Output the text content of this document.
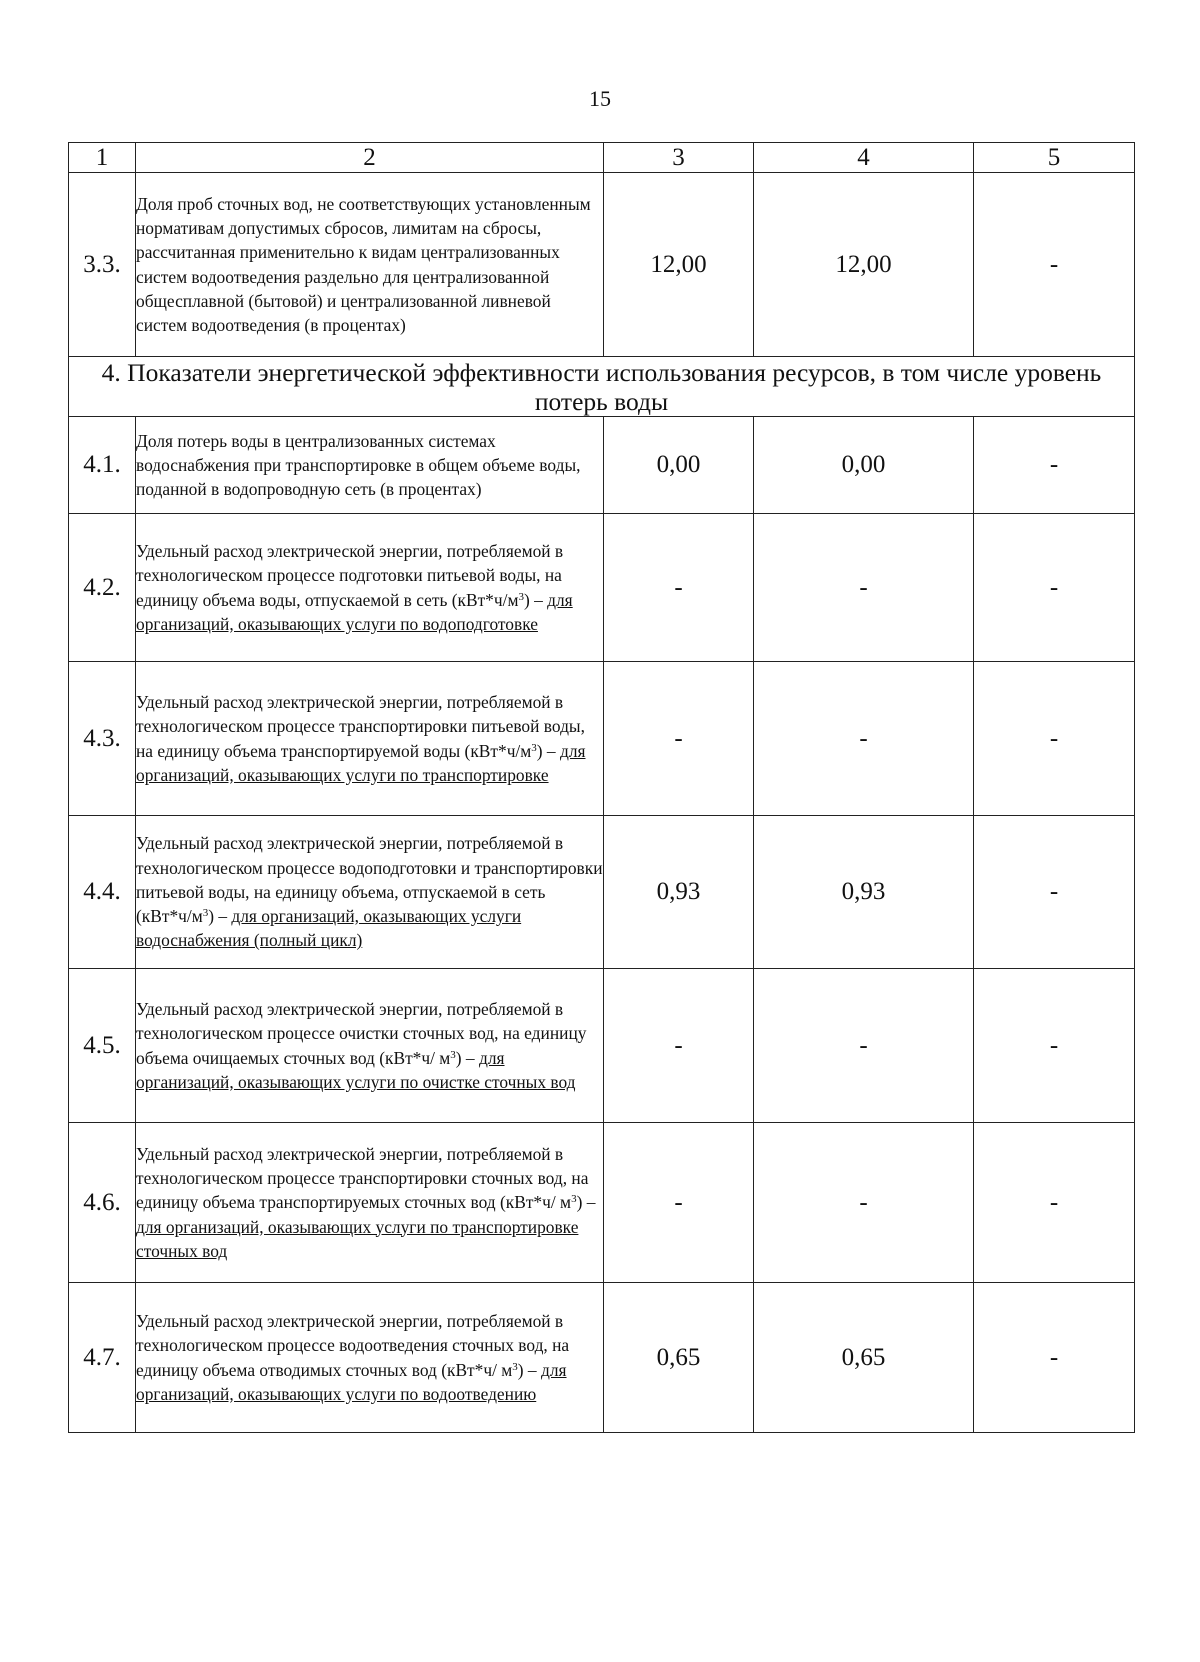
15
1	2	3	4	5
3.3.	Доля проб сточных вод, не соответствующих установленным нормативам допустимых сбросов, лимитам на сбросы, рассчитанная применительно к видам централизованных систем водоотведения раздельно для централизованной общесплавной (бытовой) и централизованной ливневой систем водоотведения (в процентах)	12,00	12,00	-
4. Показатели энергетической эффективности использования ресурсов, в том числе уровень потерь воды				
4.1.	Доля потерь воды в централизованных системах водоснабжения при транспортировке в общем объеме воды, поданной в водопроводную сеть (в процентах)	0,00	0,00	-
4.2.	Удельный расход электрической энергии, потребляемой в технологическом процессе подготовки питьевой воды, на единицу объема воды, отпускаемой в сеть $(кВт*ч/м^3)$ – для организаций, оказывающих услуги по водоподготовке	-	-	-
4.3.	Удельный расход электрической энергии, потребляемой в технологическом процессе транспортировки питьевой воды, на единицу объема транспортируемой воды $(кВт*ч/м^3)$ – для организаций, оказывающих услуги по транспортировке	-	-	-
4.4.	Удельный расход электрической энергии, потребляемой в технологическом процессе водоподготовки и транспортировки питьевой воды, на единицу объема, отпускаемой в сеть $(кВт*ч/м^3)$ – для организаций, оказывающих услуги водоснабжения (полный цикл)	0,93	0,93	-
4.5.	Удельный расход электрической энергии, потребляемой в технологическом процессе очистки сточных вод, на единицу объема очищаемых сточных вод (кВт*ч/ $м^3$) – для организаций, оказывающих услуги по очистке сточных вод	-	-	-
4.6.	Удельный расход электрической энергии, потребляемой в технологическом процессе транспортировки сточных вод, на единицу объема транспортируемых сточных вод (кВт*ч/ $м^3$) – для организаций, оказывающих услуги по транспортировке сточных вод	-	-	-
4.7.	Удельный расход электрической энергии, потребляемой в технологическом процессе водоотведения сточных вод, на единицу объема отводимых сточных вод (кВт*ч/ $м^3$) – для организаций, оказывающих услуги по водоотведению	0,65	0,65	-
